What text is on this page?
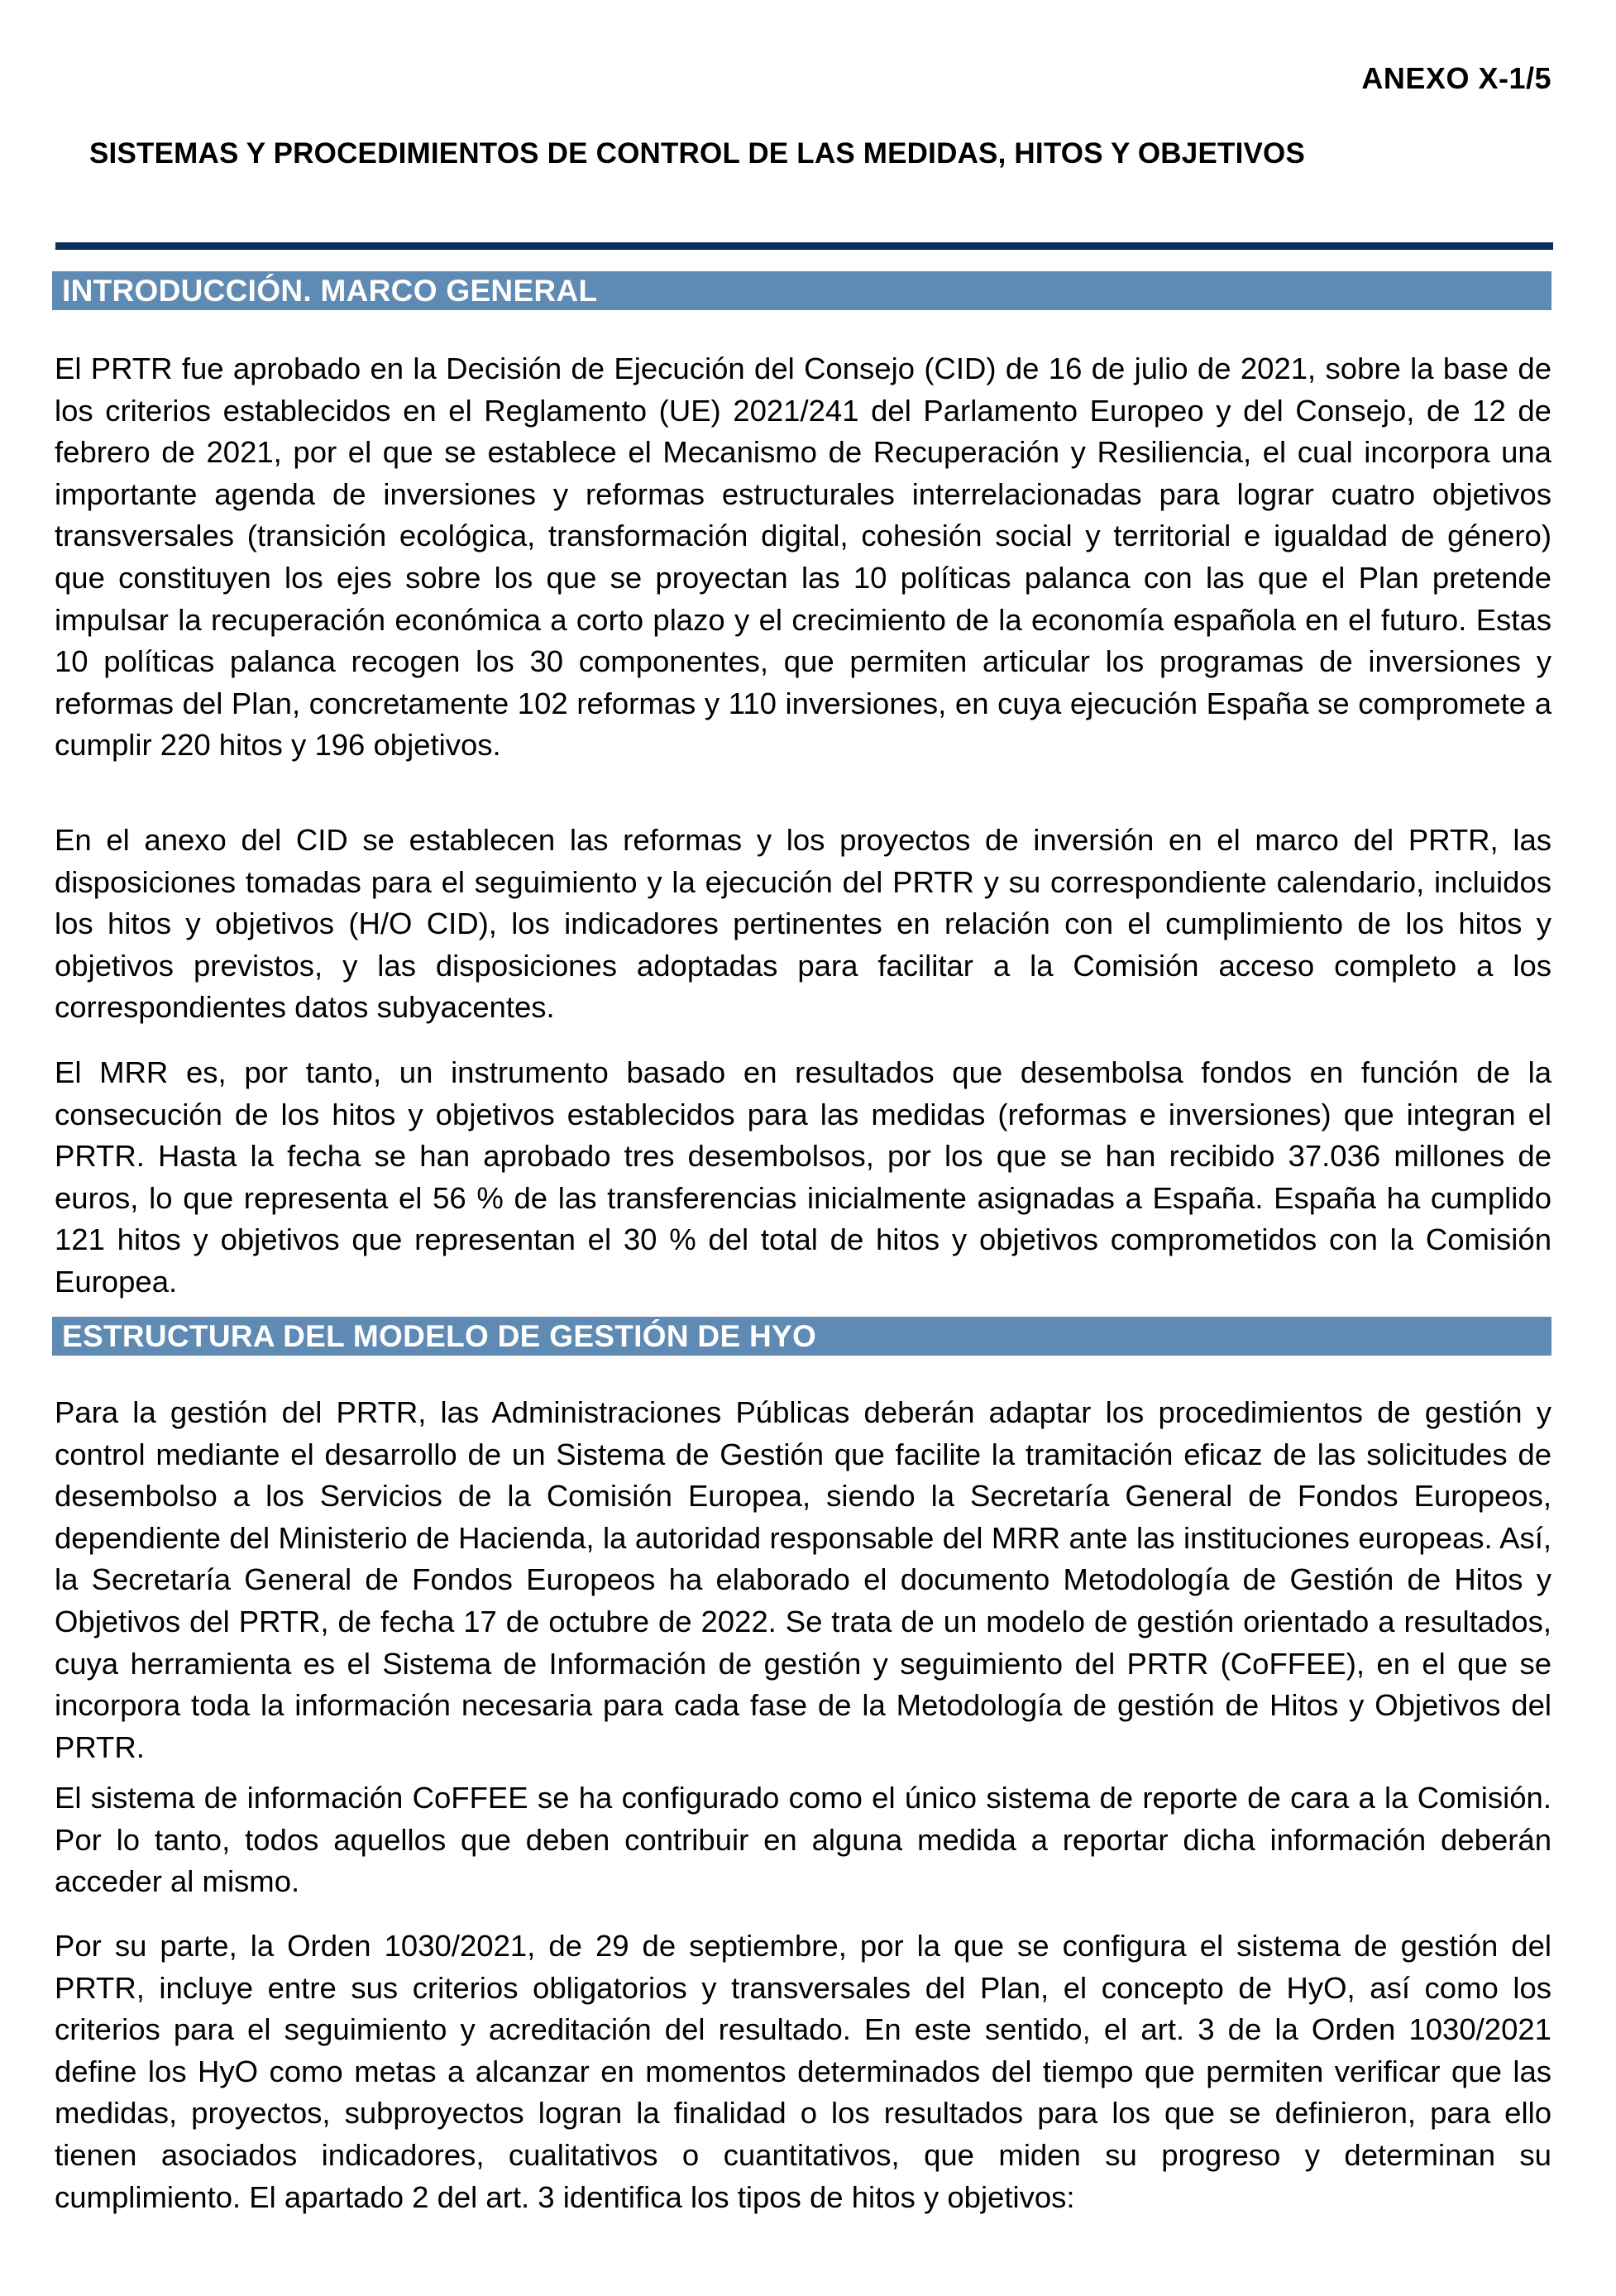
ANEXO X-1/5
SISTEMAS Y PROCEDIMIENTOS DE CONTROL DE LAS MEDIDAS, HITOS Y OBJETIVOS
INTRODUCCIÓN. MARCO GENERAL
El PRTR fue aprobado en la Decisión de Ejecución del Consejo (CID) de 16 de julio de 2021, sobre la base de los criterios establecidos en el Reglamento (UE) 2021/241 del Parlamento Europeo y del Consejo, de 12 de febrero de 2021, por el que se establece el Mecanismo de Recuperación y Resiliencia, el cual incorpora una importante agenda de inversiones y reformas estructurales interrelacionadas para lograr cuatro objetivos transversales (transición ecológica, transformación digital, cohesión social y territorial e igualdad de género) que constituyen los ejes sobre los que se proyectan las 10 políticas palanca con las que el Plan pretende impulsar la recuperación económica a corto plazo y el crecimiento de la economía española en el futuro. Estas 10 políticas palanca recogen los 30 componentes, que permiten articular los programas de inversiones y reformas del Plan, concretamente 102 reformas y 110 inversiones, en cuya ejecución España se compromete a cumplir 220 hitos y 196 objetivos.
En el anexo del CID se establecen las reformas y los proyectos de inversión en el marco del PRTR, las disposiciones tomadas para el seguimiento y la ejecución del PRTR y su correspondiente calendario, incluidos los hitos y objetivos (H/O CID), los indicadores pertinentes en relación con el cumplimiento de los hitos y objetivos previstos, y las disposiciones adoptadas para facilitar a la Comisión acceso completo a los correspondientes datos subyacentes.
El MRR es, por tanto, un instrumento basado en resultados que desembolsa fondos en función de la consecución de los hitos y objetivos establecidos para las medidas (reformas e inversiones) que integran el PRTR. Hasta la fecha se han aprobado tres desembolsos, por los que se han recibido 37.036 millones de euros, lo que representa el 56 % de las transferencias inicialmente asignadas a España. España ha cumplido 121 hitos y objetivos que representan el 30 % del total de hitos y objetivos comprometidos con la Comisión Europea.
ESTRUCTURA DEL MODELO DE GESTIÓN DE HYO
Para la gestión del PRTR, las Administraciones Públicas deberán adaptar los procedimientos de gestión y control mediante el desarrollo de un Sistema de Gestión que facilite la tramitación eficaz de las solicitudes de desembolso a los Servicios de la Comisión Europea, siendo la Secretaría General de Fondos Europeos, dependiente del Ministerio de Hacienda, la autoridad responsable del MRR ante las instituciones europeas. Así, la Secretaría General de Fondos Europeos ha elaborado el documento Metodología de Gestión de Hitos y Objetivos del PRTR, de fecha 17 de octubre de 2022. Se trata de un modelo de gestión orientado a resultados, cuya herramienta es el Sistema de Información de gestión y seguimiento del PRTR (CoFFEE), en el que se incorpora toda la información necesaria para cada fase de la Metodología de gestión de Hitos y Objetivos del PRTR.
El sistema de información CoFFEE se ha configurado como el único sistema de reporte de cara a la Comisión. Por lo tanto, todos aquellos que deben contribuir en alguna medida a reportar dicha información deberán acceder al mismo.
Por su parte, la Orden 1030/2021, de 29 de septiembre, por la que se configura el sistema de gestión del PRTR, incluye entre sus criterios obligatorios y transversales del Plan, el concepto de HyO, así como los criterios para el seguimiento y acreditación del resultado. En este sentido, el art. 3 de la Orden 1030/2021 define los HyO como metas a alcanzar en momentos determinados del tiempo que permiten verificar que las medidas, proyectos, subproyectos logran la finalidad o los resultados para los que se definieron, para ello tienen asociados indicadores, cualitativos o cuantitativos, que miden su progreso y determinan su cumplimiento. El apartado 2 del art. 3 identifica los tipos de hitos y objetivos:
